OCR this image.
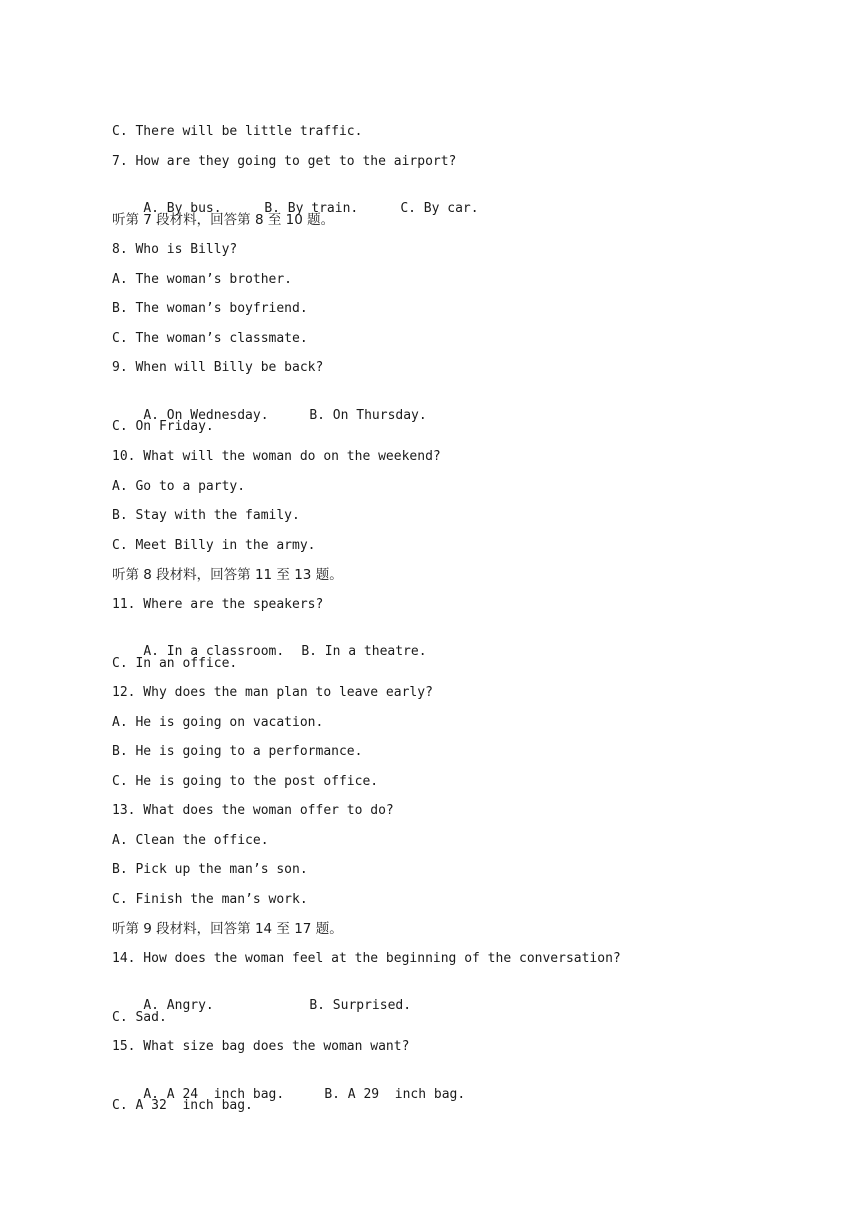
C. There will be little traffic.
7. How are they going to get to the airport?

A. By bus.	B. By train.	C. By car.

听第 7 段材料，回答第 8 至 10 题。
8. Who is Billy?
A. The woman’s brother.
B. The woman’s boyfriend.
C. The woman’s classmate.
9. When will Billy be back?

A. On Wednesday.	B. On Thursday.

C. On Friday.
10. What will the woman do on the weekend?
A. Go to a party.
B. Stay with the family.
C. Meet Billy in the army.
听第 8 段材料，回答第 11 至 13 题。
11. Where are the speakers?

A. In a classroom. B. In a theatre.

C. In an office.
12. Why does the man plan to leave early?
A. He is going on vacation.
B. He is going to a performance.
C. He is going to the post office.
13. What does the woman offer to do?
A. Clean the office.
B. Pick up the man’s son.
C. Finish the man’s work.
听第 9 段材料，回答第 14 至 17 题。
14. How does the woman feel at the beginning of the conversation?

A. Angry.	B. Surprised.

C. Sad.
15. What size bag does the woman want?

A. A 24  inch bag.	B. A 29  inch bag.

C. A 32  inch bag.
